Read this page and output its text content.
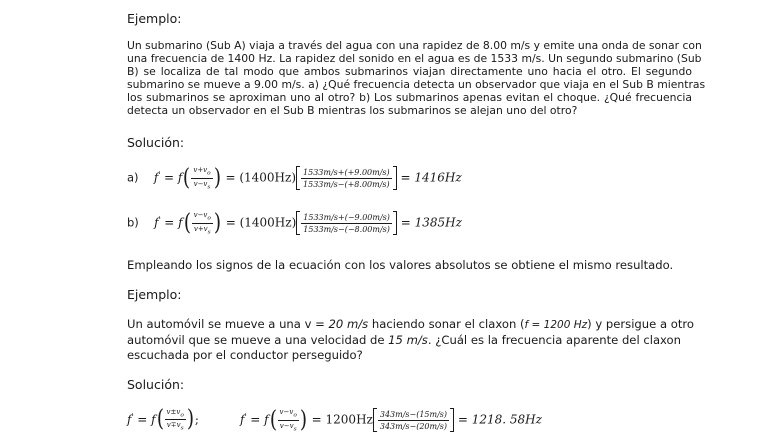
Ejemplo:
Un submarino (Sub A) viaja a través del agua con una rapidez de 8.00 m/s y emite una onda de sonar con
una frecuencia de 1400 Hz. La rapidez del sonido en el agua es de 1533 m/s. Un segundo submarino (Sub
B) se localiza de tal modo que ambos submarinos viajan directamente uno hacia el otro. El segundo
submarino se mueve a 9.00 m/s. a) ¿Qué frecuencia detecta un observador que viaja en el Sub B mientras
los submarinos se aproximan uno al otro? b) Los submarinos apenas evitan el choque. ¿Qué frecuencia
detecta un observador en el Sub B mientras los submarinos se alejan uno del otro?
Solución:
a) $f' = f( \frac{v+v_o}{v-v_s}$ ) = $(1400Hz) \frac{1533m/s+(+9.00m/s)}{1533m/s-(+8.00m/s)} = 1416Hz$
b) $f' = f( \frac{v-v_o}{v+v_s}$ ) = $(1400Hz) \frac{1533m/s+(-9.00m/s)}{1533m/s-(-8.00m/s)} = 1385Hz$
Empleando los signos de la ecuación con los valores absolutos se obtiene el mismo resultado.
Ejemplo:
Un automóvil se mueve a una v = 20 m/s haciendo sonar el claxon (f = 1200 Hz) y persigue a otro
automóvil que se mueve a una velocidad de 15 m/s. ¿Cuál es la frecuencia aparente del claxon
escuchada por el conductor perseguido?
Solución:
$f' = f( \frac{v\pm v_o}{v\mp v_s}$ );	$f' = f( \frac{v-v_o}{v-v_s}$ ) = $1200Hz \frac{343m/s-(15m/s)}{343m/s-(20m/s)} = 1218$. 58Hz
